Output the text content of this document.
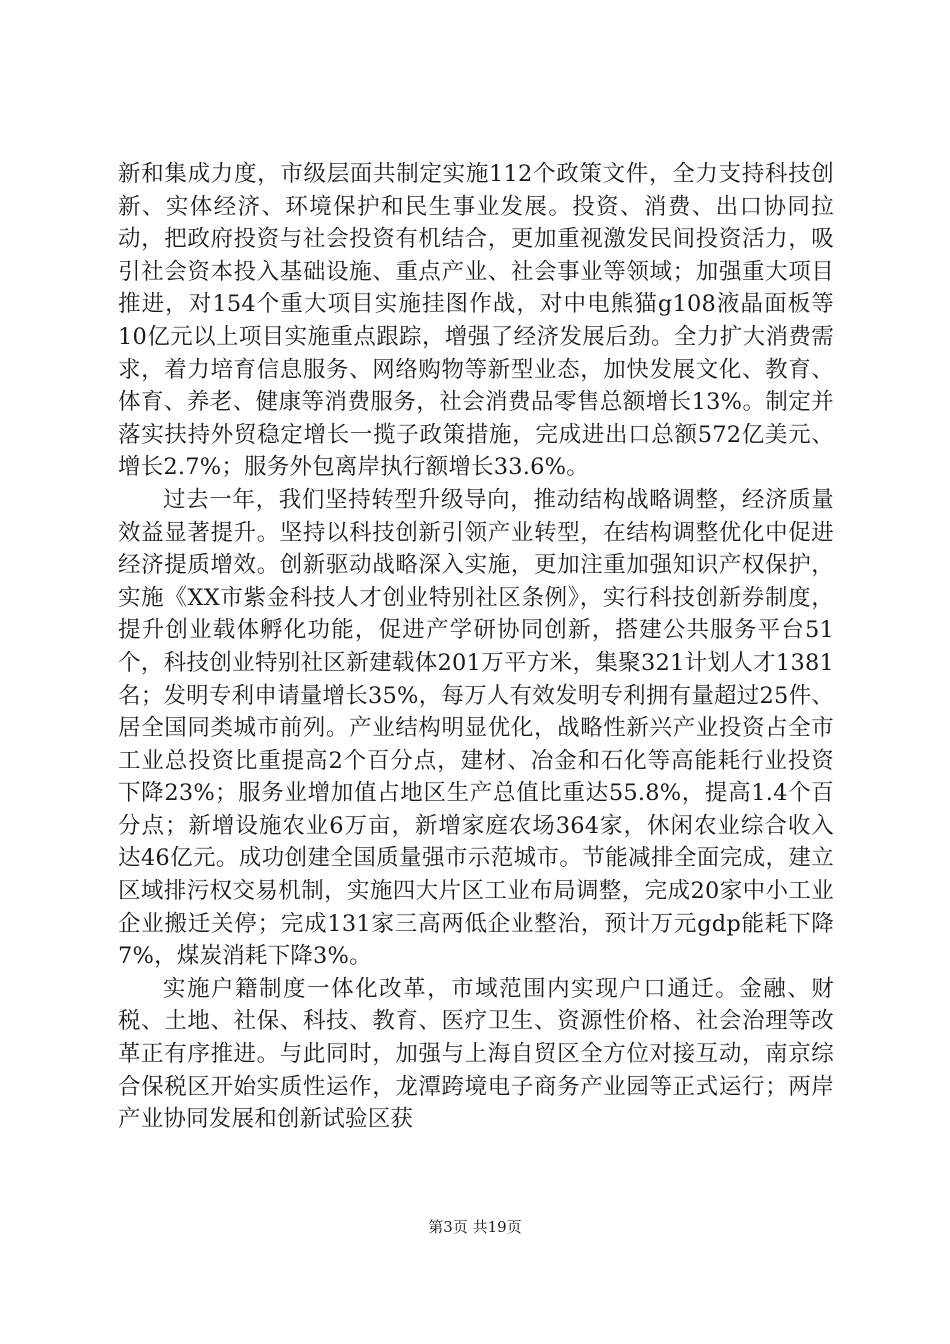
新和集成力度，市级层面共制定实施112个政策文件，全力支持科技创新、实体经济、环境保护和民生事业发展。投资、消费、出口协同拉动，把政府投资与社会投资有机结合，更加重视激发民间投资活力，吸引社会资本投入基础设施、重点产业、社会事业等领域；加强重大项目推进，对154个重大项目实施挂图作战，对中电熊猫g108液晶面板等10亿元以上项目实施重点跟踪，增强了经济发展后劲。全力扩大消费需求，着力培育信息服务、网络购物等新型业态，加快发展文化、教育、体育、养老、健康等消费服务，社会消费品零售总额增长13%。制定并落实扶持外贸稳定增长一揽子政策措施，完成进出口总额572亿美元、增长2.7%；服务外包离岸执行额增长33.6%。

过去一年，我们坚持转型升级导向，推动结构战略调整，经济质量效益显著提升。坚持以科技创新引领产业转型，在结构调整优化中促进经济提质增效。创新驱动战略深入实施，更加注重加强知识产权保护，实施《XX市紫金科技人才创业特别社区条例》，实行科技创新券制度，提升创业载体孵化功能，促进产学研协同创新，搭建公共服务平台51个，科技创业特别社区新建载体201万平方米，集聚321计划人才1381名；发明专利申请量增长35%，每万人有效发明专利拥有量超过25件、居全国同类城市前列。产业结构明显优化，战略性新兴产业投资占全市工业总投资比重提高2个百分点，建材、冶金和石化等高能耗行业投资下降23%；服务业增加值占地区生产总值比重达55.8%，提高1.4个百分点；新增设施农业6万亩，新增家庭农场364家，休闲农业综合收入达46亿元。成功创建全国质量强市示范城市。节能减排全面完成，建立区域排污权交易机制，实施四大片区工业布局调整，完成20家中小工业企业搬迁关停；完成131家三高两低企业整治，预计万元gdp能耗下降7%，煤炭消耗下降3%。

实施户籍制度一体化改革，市域范围内实现户口通迁。金融、财税、土地、社保、科技、教育、医疗卫生、资源性价格、社会治理等改革正有序推进。与此同时，加强与上海自贸区全方位对接互动，南京综合保税区开始实质性运作，龙潭跨境电子商务产业园等正式运行；两岸产业协同发展和创新试验区获

第3页 共19页
